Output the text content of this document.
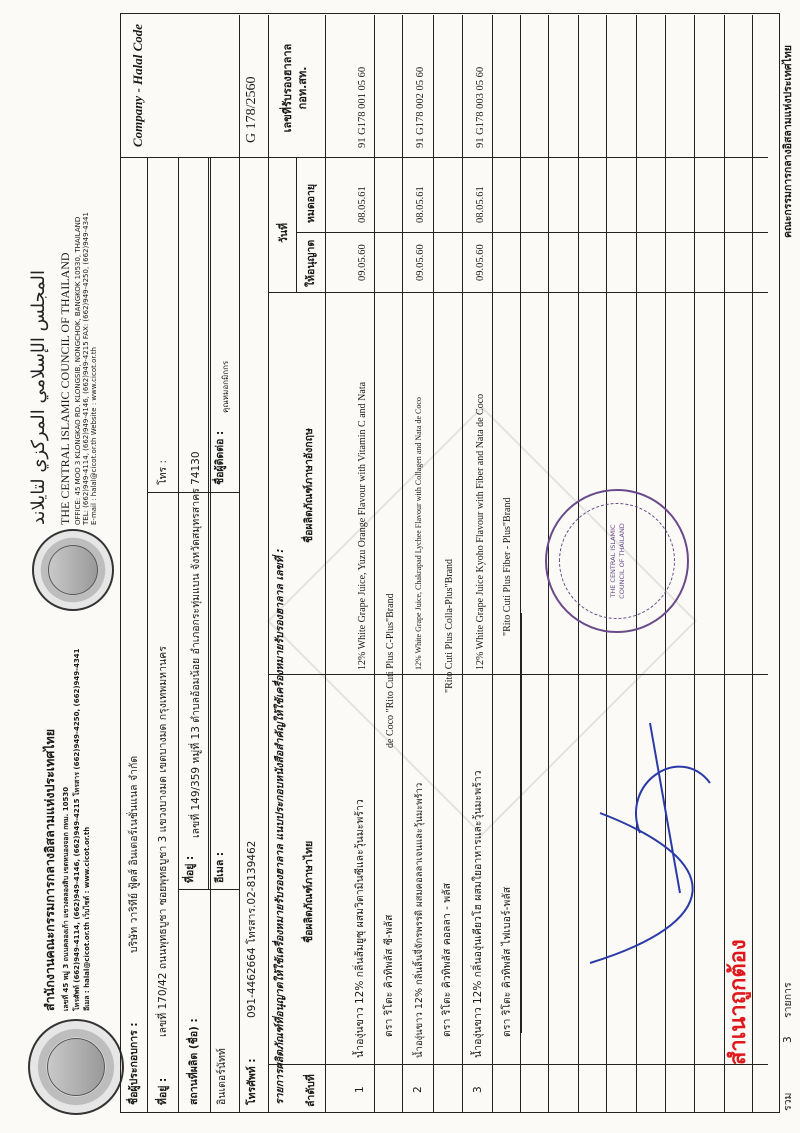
สำนักงานคณะกรรมการกลางอิสลามแห่งประเทศไทย เลขที่ 45 หมู่ 3 ถนนคลองเก้า แขวงคลองสิบ เขตหนองจอก กทม. 10530 โทรศัพท์ (662)949-4114, (662)949-4146, (662)949-4215 โทรสาร (662)949-4250, (662)949-4341 อีเมล : halal@cicot.or.th เว็บไซต์ : www.cicot.or.th
المجلس الإسلامي المركزي لتايلاند THE CENTRAL ISLAMIC COUNCIL OF THAILAND OFFICE: 45 MOO 3 KLONGKAO RD. KLONGSIB, NONGCHOK, BANGKOK 10530, THAILAND TEL: (662)949-4114, (662)949-4146, (662)949-4215 FAX: (662)949-4250, (662)949-4341 E-mail : halal@cicot.or.th Website : www.cicot.or.th
ชื่อผู้ประกอบการ :
บริษัท วาริทีย์ ฟู้ดส์ อินเตอร์เนชั่นแนล จำกัด
ที่อยู่ :
เลขที่ 170/42 ถนนพุทธบูชา ซอยพุทธบูชา 3 แขวงบางมด เขตบางมด กรุงเทพมหานคร
โทร :
สถานที่ผลิต (ชื่อ) : อินเตอร์นัทท์
ที่อยู่ :
เลขที่ 149/359 หมู่ที่ 13 ตำบลอ้อมน้อย อำเภอกระทุ่มแบน จังหวัดสมุทรสาคร 74130
อีเมล :
ชื่อผู้ติดต่อ :
คุณหมอกมิกกร
โทรศัพท์ :
091-4462664 โทรสาร.02-8139462
Company - Halal Code	G 178/2560
รายการผลิตภัณฑ์ที่อนุญาตให้ใช้เครื่องหมายรับรองฮาลาล แนบประกอบหนังสือสำคัญให้ใช้เครื่องหมายรับรองฮาลาล เลขที่ : ลำดับที่
ชื่อผลิตภัณฑ์ภาษาไทย
ชื่อผลิตภัณฑ์ภาษาอังกฤษ
วันที่
ให้อนุญาต
หมดอายุ
เลขที่รับรองฮาลาล กอท.สท.
1
น้ำองุ่นขาว 12% กลิ่นส้มยูซุ ผสมวิตามินซีและวุ้นมะพร้าว ตรา ริโตะ คิวทิพลัส ซี-พลัส
12% White Grape Juice, Yuzu Orange Flavour with Vitamin C and Nata
de Coco "Rito Cuti Plus C-Plus"Brand
09.05.60
08.05.61
91 G178 001 05 60
2
น้ำองุ่นขาว 12% กลิ่นลิ้นจี่จักรพรรดิ ผสมคอลลาเจนและวุ้นมะพร้าว ตรา ริโตะ คิวทิพลัส คอลลา - พลัส
12% White Grape Juice, Chakrapad Lychee Flavour with Collagen and Nata de Coco "Rito Cuti Plus Colla-Plus"Brand
09.05.60
08.05.61
91 G178 002 05 60
3
น้ำองุ่นขาว 12% กลิ่นองุ่นเคียวโฮ ผสมใยอาหารและวุ้นมะพร้าว ตรา ริโตะ คิวทิพลัส ไฟเบอร์-พลัส
12% White Grape Juice Kyoho Flavour with Fiber and Nata de Coco "Rito Cuti Plus Fiber - Plus"Brand
09.05.60
08.05.61
91 G178 003 05 60
THE CENTRAL ISLAMIC COUNCIL OF THAILAND
สำเนาถูกต้อง
รวม
3
รายการ
คณะกรรมการกลางอิสลามแห่งประเทศไทย
